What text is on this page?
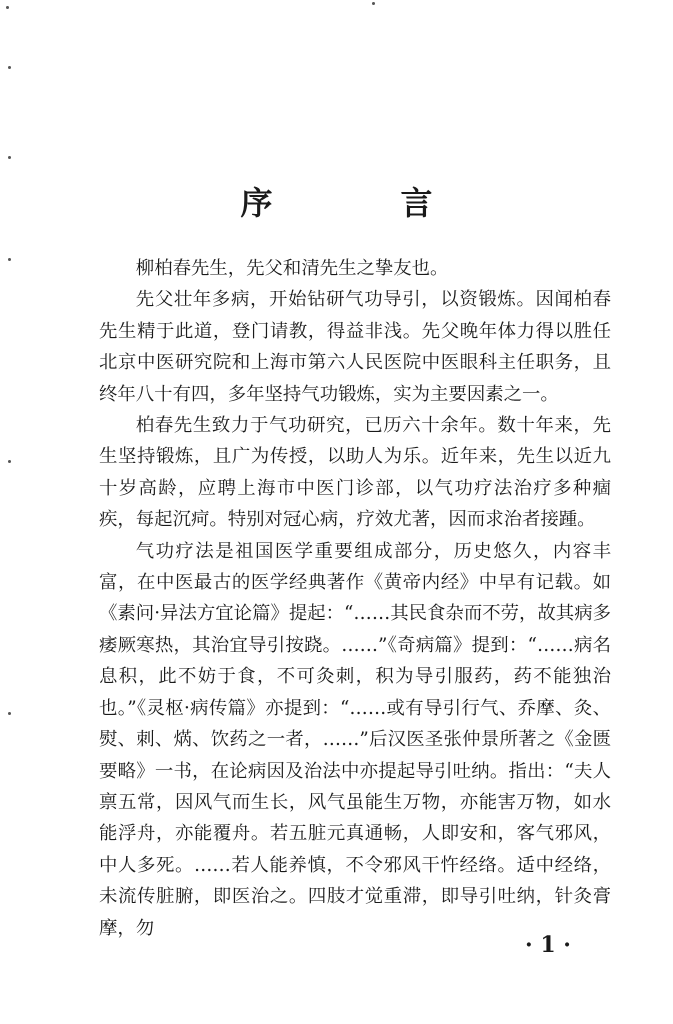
序　言

柳柏春先生，先父和清先生之挚友也。

先父壮年多病，开始钻研气功导引，以资锻炼。因闻柏春先生精于此道，登门请教，得益非浅。先父晚年体力得以胜任北京中医研究院和上海市第六人民医院中医眼科主任职务，且终年八十有四，多年坚持气功锻炼，实为主要因素之一。

柏春先生致力于气功研究，已历六十余年。数十年来，先生坚持锻炼，且广为传授，以助人为乐。近年来，先生以近九十岁高龄，应聘上海市中医门诊部，以气功疗法治疗多种痼疾，每起沉疴。特别对冠心病，疗效尤著，因而求治者接踵。

气功疗法是祖国医学重要组成部分，历史悠久，内容丰富，在中医最古的医学经典著作《黄帝内经》中早有记载。如《素问·异法方宜论篇》提起：“……其民食杂而不劳，故其病多痿厥寒热，其治宜导引按跷。……”《奇病篇》提到：“……病名息积，此不妨于食，不可灸刺，积为导引服药，药不能独治也。”《灵枢·病传篇》亦提到：“……或有导引行气、乔摩、灸、熨、刺、焫、饮药之一者，……”后汉医圣张仲景所著之《金匮要略》一书，在论病因及治法中亦提起导引吐纳。指出：“夫人禀五常，因风气而生长，风气虽能生万物，亦能害万物，如水能浮舟，亦能覆舟。若五脏元真通畅，人即安和，客气邪风，中人多死。……若人能养慎，不令邪风干忤经络。适中经络，未流传脏腑，即医治之。四肢才觉重滞，即导引吐纳，针灸膏摩，勿

· 1 ·
